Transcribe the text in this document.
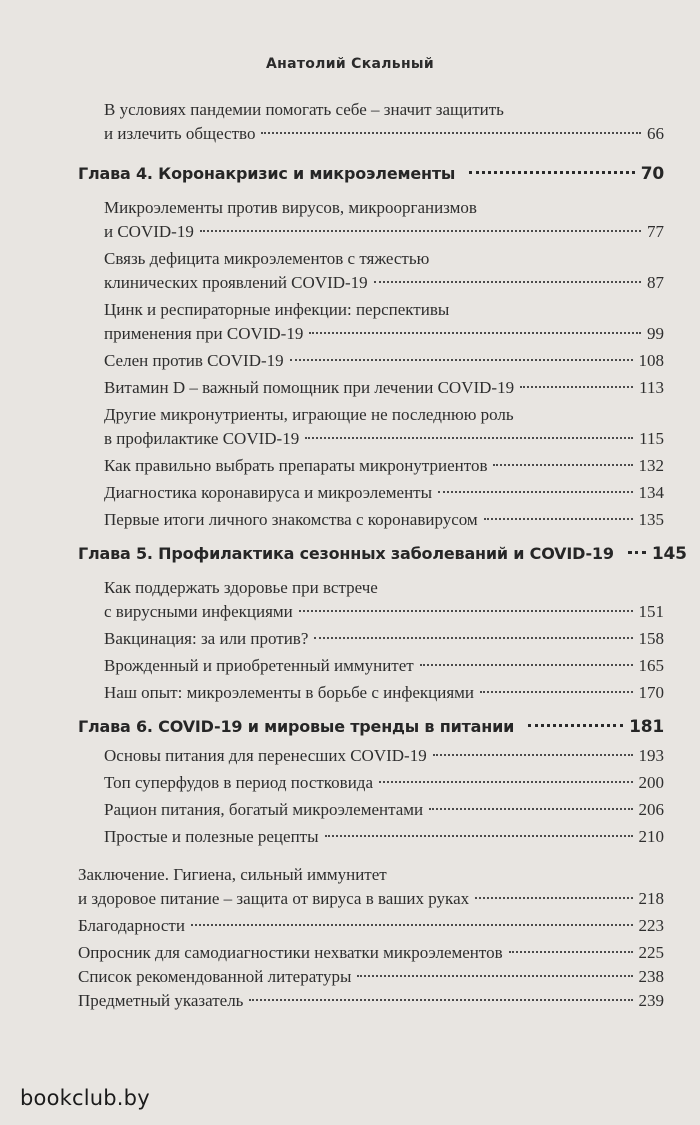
Анатолий Скальный
В условиях пандемии помогать себе – значит защитить
и излечить общество	66
Глава 4. Коронакризис и микроэлементы	70
Микроэлементы против вирусов, микроорганизмов
и COVID-19	77
Связь дефицита микроэлементов с тяжестью
клинических проявлений COVID-19	87
Цинк и респираторные инфекции: перспективы
применения при COVID-19	99
Селен против COVID-19	108
Витамин D – важный помощник при лечении COVID-19	113
Другие микронутриенты, играющие не последнюю роль
в профилактике COVID-19	115
Как правильно выбрать препараты микронутриентов	132
Диагностика коронавируса и микроэлементы	134
Первые итоги личного знакомства с коронавирусом	135
Глава 5. Профилактика сезонных заболеваний и COVID-19 145
Как поддержать здоровье при встрече
с вирусными инфекциями	151
Вакцинация: за или против?	158
Врожденный и приобретенный иммунитет	165
Наш опыт: микроэлементы в борьбе с инфекциями	170
Глава 6. COVID-19 и мировые тренды в питании	181
Основы питания для перенесших COVID-19	193
Топ суперфудов в период постковида	200
Рацион питания, богатый микроэлементами	206
Простые и полезные рецепты	210
Заключение. Гигиена, сильный иммунитет
и здоровое питание – защита от вируса в ваших руках	218
Благодарности	223
Опросник для самодиагностики нехватки микроэлементов	225
Список рекомендованной литературы	238
Предметный указатель	239
bookclub.by
